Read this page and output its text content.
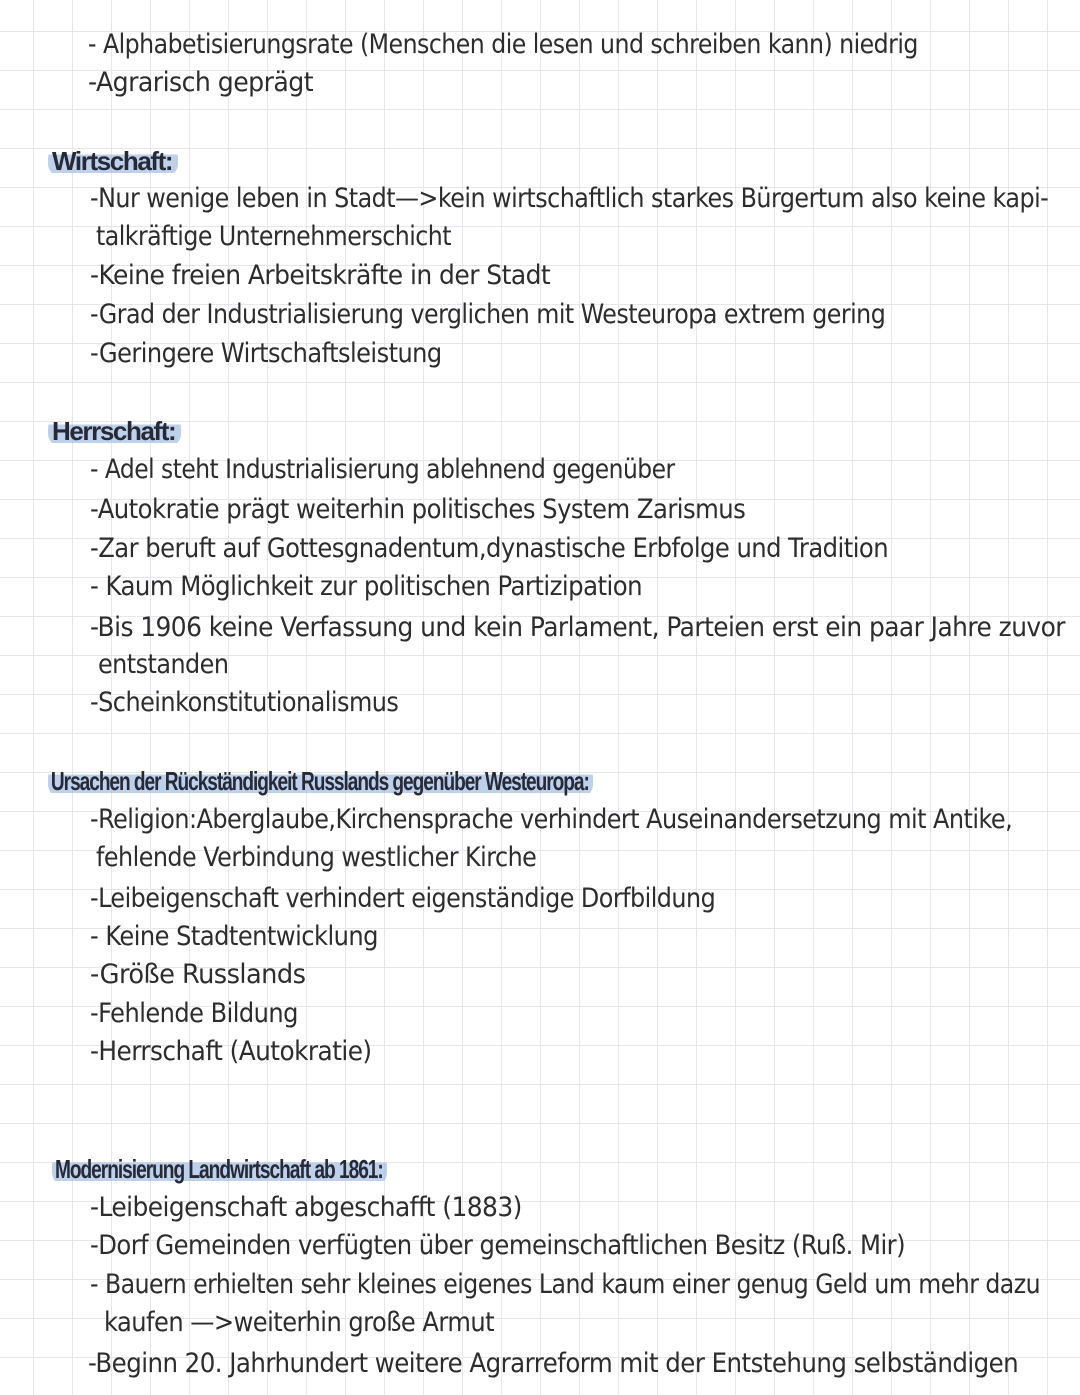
- Alphabetisierungsrate (Menschen die lesen und schreiben kann) niedrig
-Agrarisch geprägt
Wirtschaft:
-Nur wenige leben in Stadt—>kein wirtschaftlich starkes Bürgertum also keine kapi-
talkräftige Unternehmerschicht
-Keine freien Arbeitskräfte in der Stadt
-Grad der Industrialisierung verglichen mit Westeuropa extrem gering
-Geringere Wirtschaftsleistung
Herrschaft:
- Adel steht Industrialisierung ablehnend gegenüber
-Autokratie prägt weiterhin politisches System Zarismus
-Zar beruft auf Gottesgnadentum,dynastische Erbfolge und Tradition
- Kaum Möglichkeit zur politischen Partizipation
-Bis 1906 keine Verfassung und kein Parlament, Parteien erst ein paar Jahre zuvor
entstanden
-Scheinkonstitutionalismus
Ursachen der Rückständigkeit Russlands gegenüber Westeuropa:
-Religion:Aberglaube,Kirchensprache verhindert Auseinandersetzung mit Antike,
fehlende Verbindung westlicher Kirche
-Leibeigenschaft verhindert eigenständige Dorfbildung
- Keine Stadtentwicklung
-Größe Russlands
-Fehlende Bildung
-Herrschaft (Autokratie)
Modernisierung Landwirtschaft ab 1861:
-Leibeigenschaft abgeschafft (1883)
-Dorf Gemeinden verfügten über gemeinschaftlichen Besitz (Ruß. Mir)
- Bauern erhielten sehr kleines eigenes Land kaum einer genug Geld um mehr dazu
kaufen —>weiterhin große Armut
-Beginn 20. Jahrhundert weitere Agrarreform mit der Entstehung selbständigen
